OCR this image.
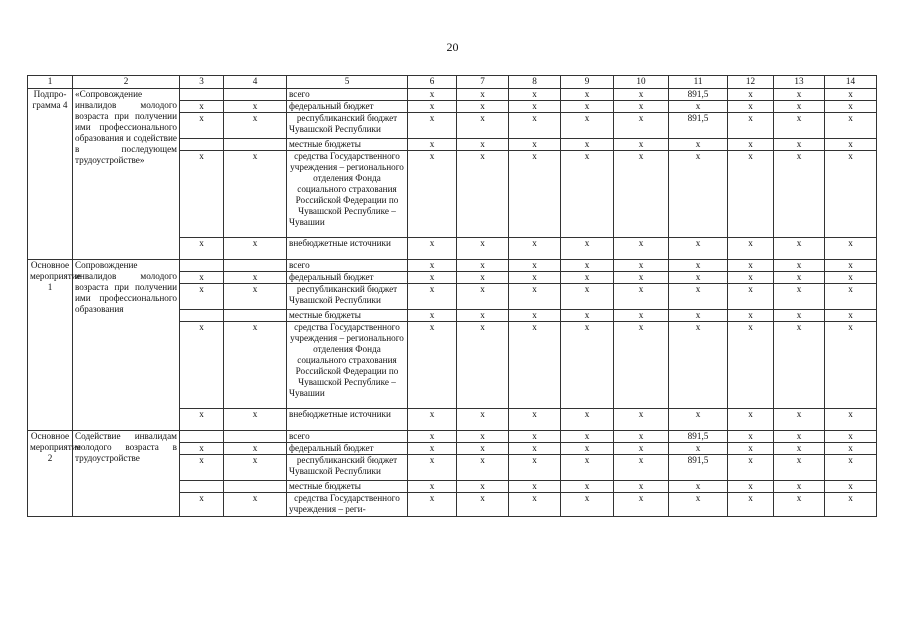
20
1	2	3	4	5	6	7	8	9	10	11	12	13	14
Подпро-грамма 4	«Сопровождение инвалидов молодого возраста при получении ими профессионального образования и содействие в последующем трудоустройстве»			всего	х	х	х	х	х	891,5	х	х	х
		х	х	федеральный бюджет	х	х	х	х	х	х	х	х	х
		х	х	республиканский бюджет Чувашской Республики	х	х	х	х	х	891,5	х	х	х
				местные бюджеты	х	х	х	х	х	х	х	х	х
		х	х	средства Государственного учреждения – регионального отделения Фонда социального страхования Российской Федерации по Чувашской Республике – Чувашии	х	х	х	х	х	х	х	х	х
		х	х	внебюджетные источники	х	х	х	х	х	х	х	х	х
Основное мероприятие 1	Сопровождение инвалидов молодого возраста при получении ими профессионального образования			всего	х	х	х	х	х	х	х	х	х
		х	х	федеральный бюджет	х	х	х	х	х	х	х	х	х
		х	х	республиканский бюджет Чувашской Республики	х	х	х	х	х	х	х	х	х
				местные бюджеты	х	х	х	х	х	х	х	х	х
		х	х	средства Государственного учреждения – регионального отделения Фонда социального страхования Российской Федерации по Чувашской Республике – Чувашии	х	х	х	х	х	х	х	х	х
		х	х	внебюджетные источники	х	х	х	х	х	х	х	х	х
Основное мероприятие 2	Содействие инвалидам молодого возраста в трудоустройстве			всего	х	х	х	х	х	891,5	х	х	х
		х	х	федеральный бюджет	х	х	х	х	х	х	х	х	х
		х	х	республиканский бюджет Чувашской Республики	х	х	х	х	х	891,5	х	х	х
				местные бюджеты	х	х	х	х	х	х	х	х	х
		х	х	средства Государственного учреждения – реги-	х	х	х	х	х	х	х	х	х
